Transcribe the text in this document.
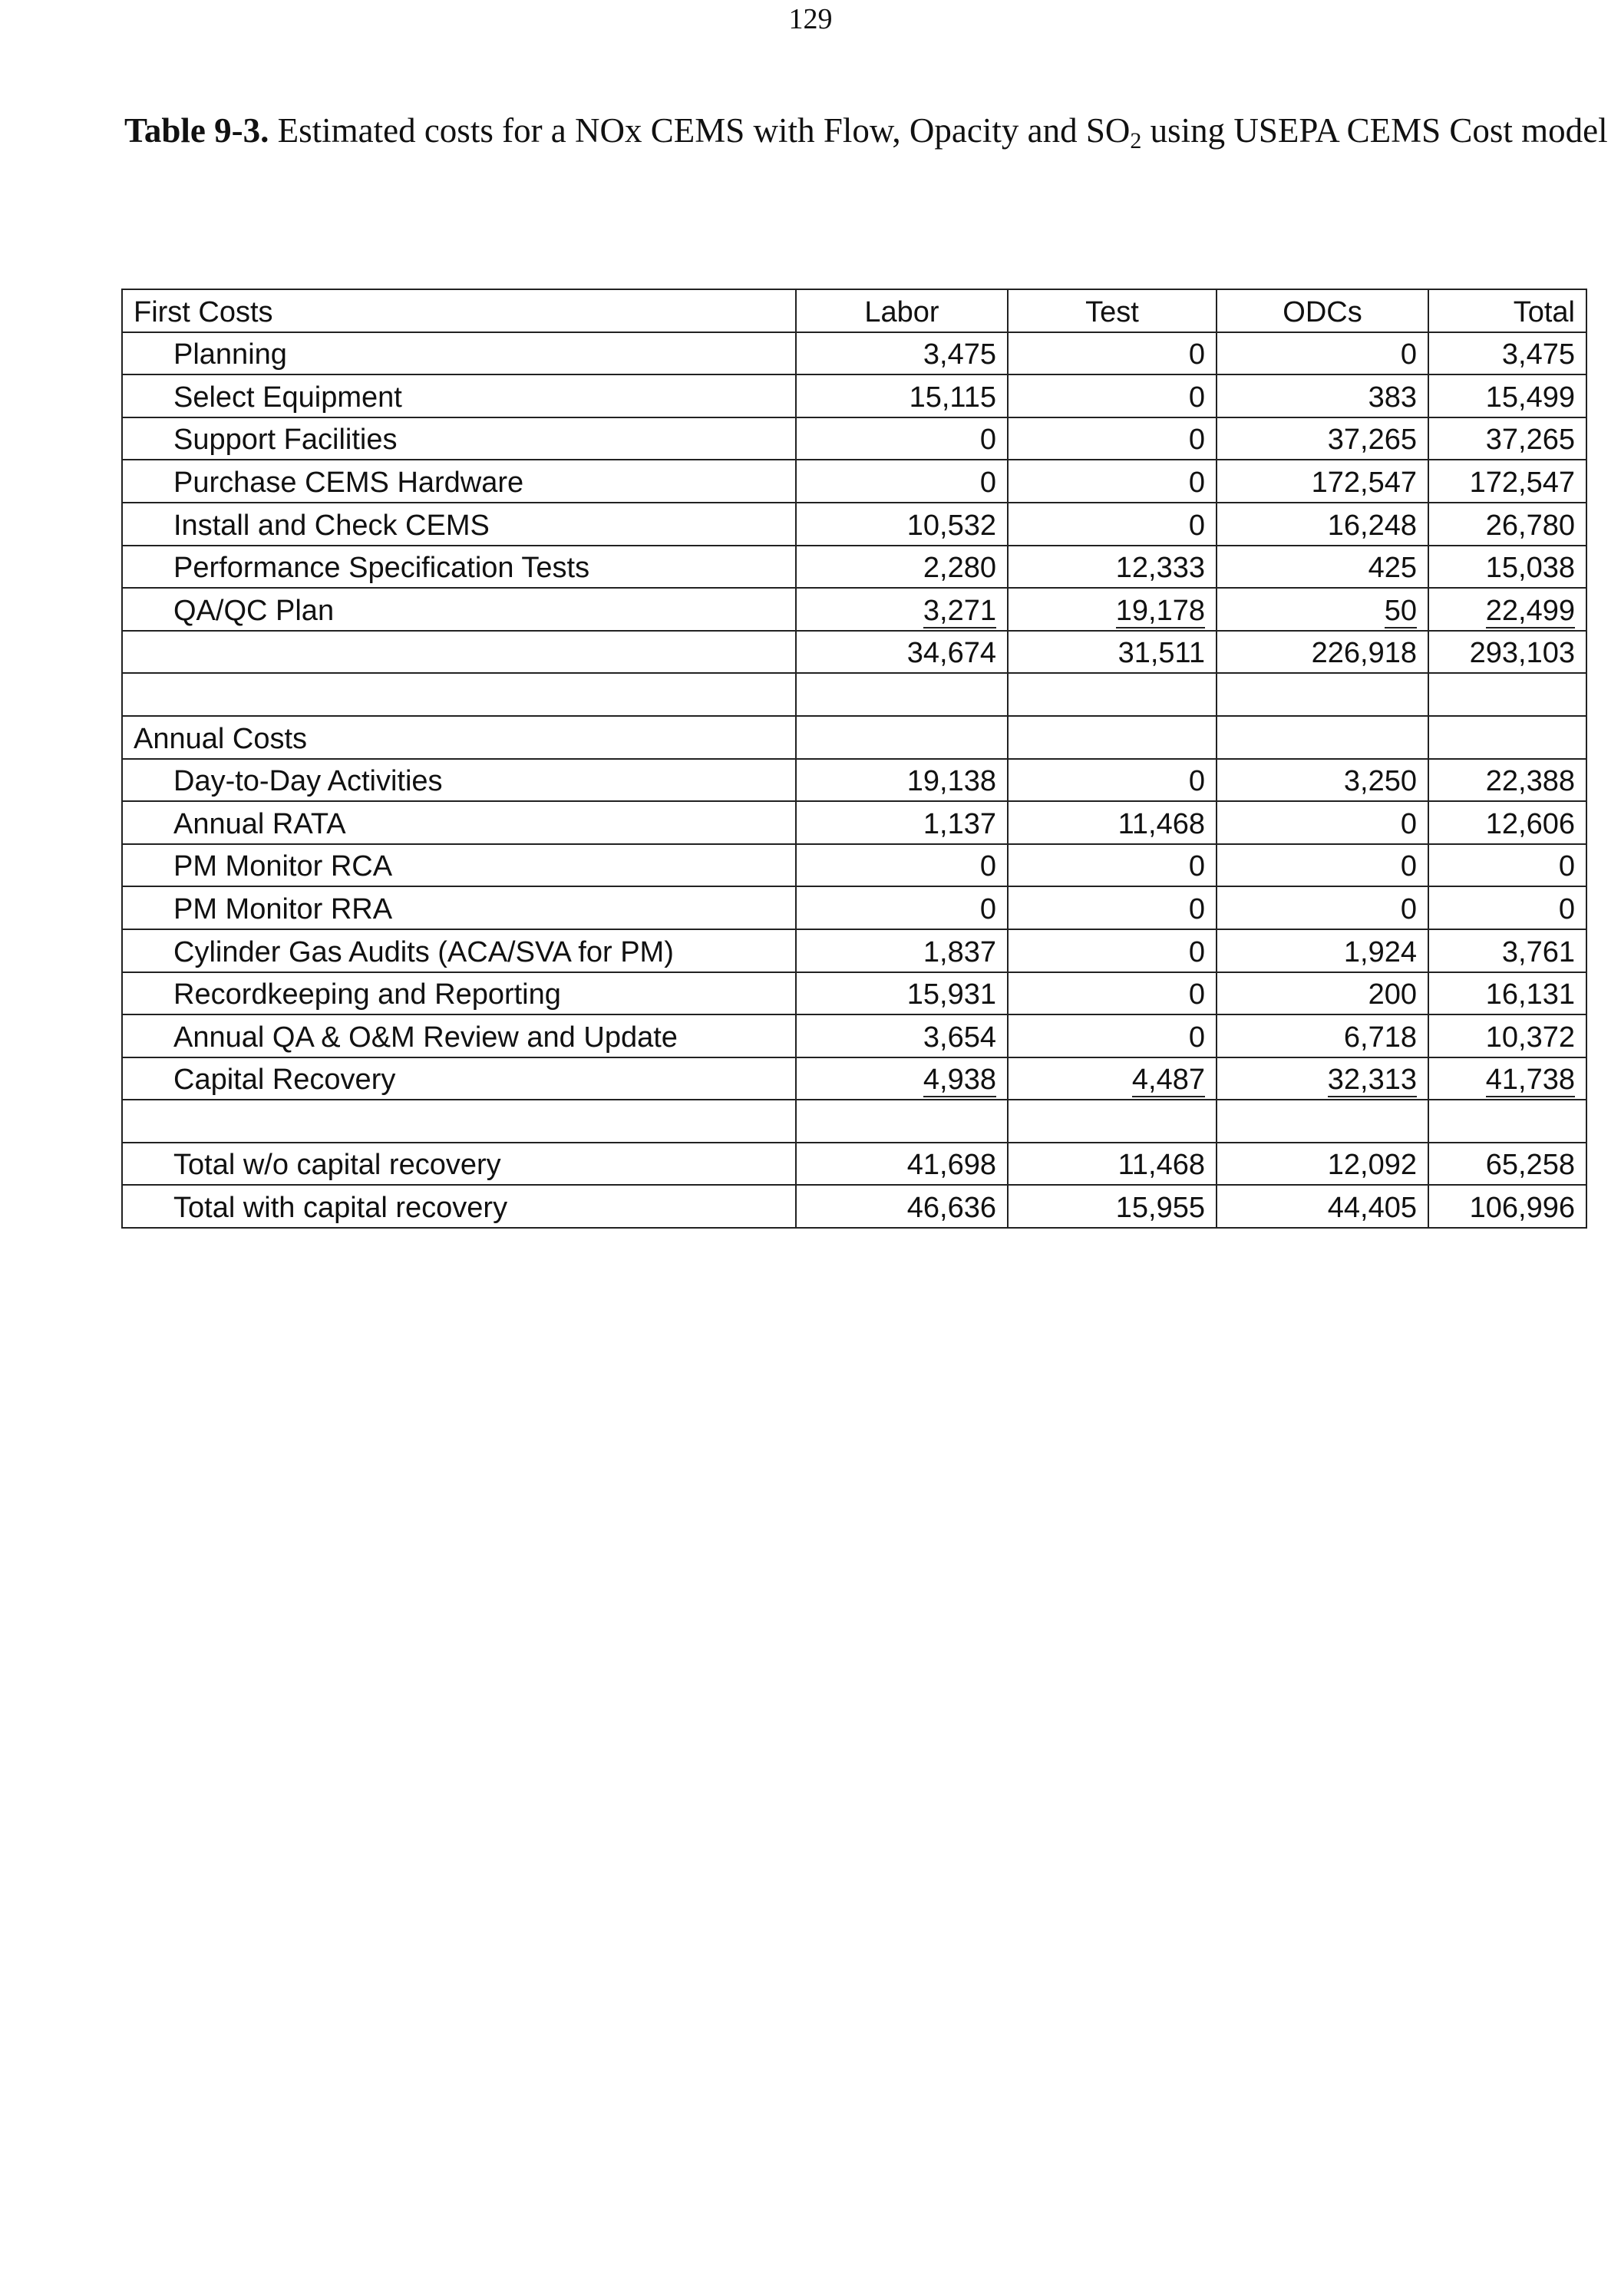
129
Table 9-3. Estimated costs for a NOx CEMS with Flow, Opacity and $SO_2$ using USEPA CEMS Cost model
First Costs	Labor	Test	ODCs	Total
Planning	3,475	0	0	3,475
Select Equipment	15,115	0	383	15,499
Support Facilities	0	0	37,265	37,265
Purchase CEMS Hardware	0	0	172,547	172,547
Install and Check CEMS	10,532	0	16,248	26,780
Performance Specification Tests	2,280	12,333	425	15,038
QA/QC Plan	3,271	19,178	50	22,499
	34,674	31,511	226,918	293,103

Annual Costs				
Day-to-Day Activities	19,138	0	3,250	22,388
Annual RATA	1,137	11,468	0	12,606
PM Monitor RCA	0	0	0	0
PM Monitor RRA	0	0	0	0
Cylinder Gas Audits (ACA/SVA for PM)	1,837	0	1,924	3,761
Recordkeeping and Reporting	15,931	0	200	16,131
Annual QA & O&M Review and Update	3,654	0	6,718	10,372
Capital Recovery	4,938	4,487	32,313	41,738

Total w/o capital recovery	41,698	11,468	12,092	65,258
Total with capital recovery	46,636	15,955	44,405	106,996
